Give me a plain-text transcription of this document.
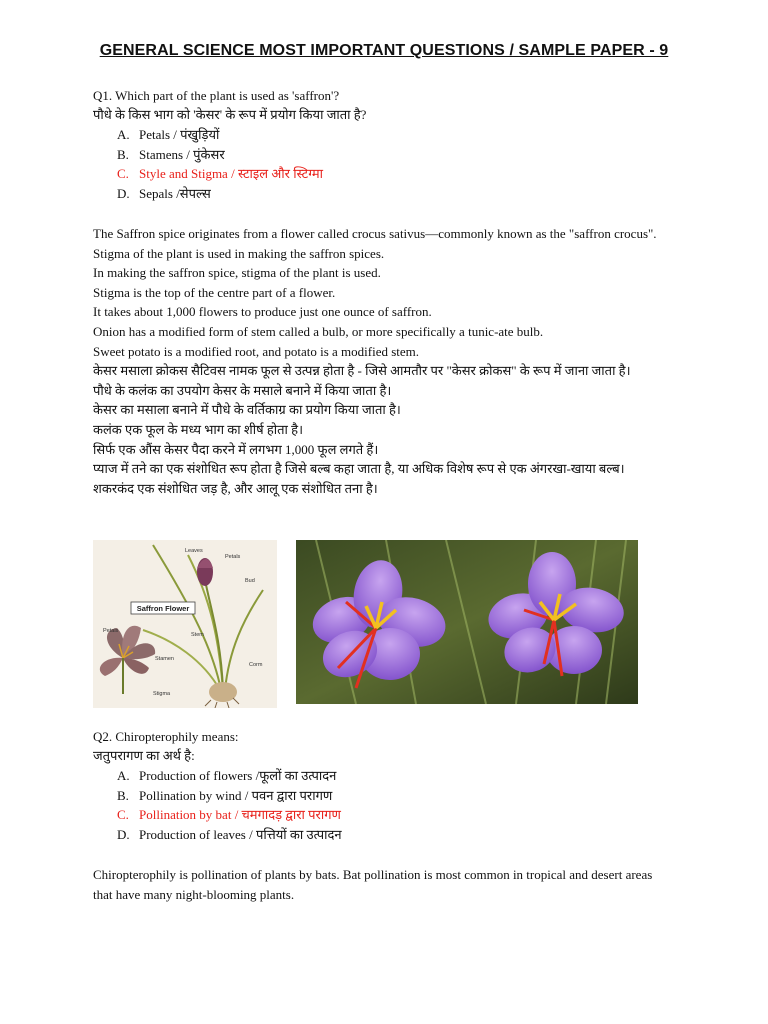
GENERAL SCIENCE MOST IMPORTANT QUESTIONS / SAMPLE PAPER - 9
Q1. Which part of the plant is used as 'saffron'?
पौधे के किस भाग को 'केसर' के रूप में प्रयोग किया जाता है?
A. Petals / पंखुड़ियों
B. Stamens / पुंकेसर
C. Style and Stigma / स्टाइल और स्टिग्मा
D. Sepals /सेपल्स
The Saffron spice originates from a flower called crocus sativus—commonly known as the "saffron crocus".
Stigma of the plant is used in making the saffron spices.
In making the saffron spice, stigma of the plant is used.
Stigma is the top of the centre part of a flower.
It takes about 1,000 flowers to produce just one ounce of saffron.
Onion has a modified form of stem called a bulb, or more specifically a tunic-ate bulb.
Sweet potato is a modified root, and potato is a modified stem.
केसर मसाला क्रोकस सैटिवस नामक फूल से उत्पन्न होता है - जिसे आमतौर पर "केसर क्रोकस" के रूप में जाना जाता है।
पौधे के कलंक का उपयोग केसर के मसाले बनाने में किया जाता है।
केसर का मसाला बनाने में पौधे के वर्तिकाग्र का प्रयोग किया जाता है।
कलंक एक फूल के मध्य भाग का शीर्ष होता है।
सिर्फ एक औंस केसर पैदा करने में लगभग 1,000 फूल लगते हैं।
प्याज में तने का एक संशोधित रूप होता है जिसे बल्ब कहा जाता है, या अधिक विशेष रूप से एक अंगरखा-खाया बल्ब।
शकरकंद एक संशोधित जड़ है, और आलू एक संशोधित तना है।
Saffron Flower
Leaves
Petals
Bud
Petals
Stem
Stamen
Corm
Stigma
Q2. Chiropterophily means:
जतुपरागण का अर्थ है:
A. Production of flowers /फूलों का उत्पादन
B. Pollination by wind / पवन द्वारा परागण
C. Pollination by bat / चमगादड़ द्वारा परागण
D. Production of leaves / पत्तियों का उत्पादन
Chiropterophily is pollination of plants by bats. Bat pollination is most common in tropical and desert areas that have many night-blooming plants.
